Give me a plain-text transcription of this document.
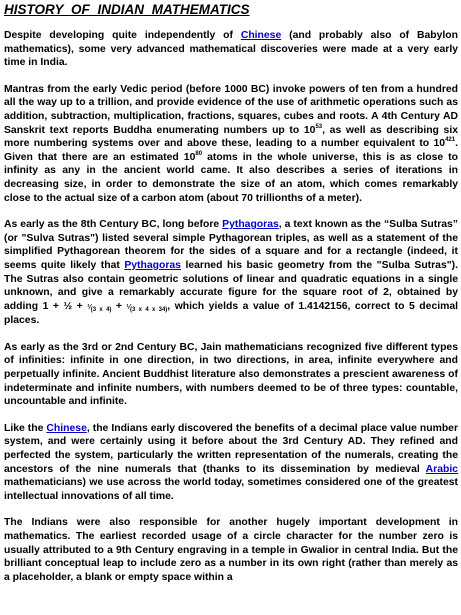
HISTORY OF INDIAN MATHEMATICS

Despite developing quite independently of Chinese (and probably also of Babylon mathematics), some very advanced mathematical discoveries were made at a very early time in India.

Mantras from the early Vedic period (before 1000 BC) invoke powers of ten from a hundred all the way up to a trillion, and provide evidence of the use of arithmetic operations such as addition, subtraction, multiplication, fractions, squares, cubes and roots. A 4th Century AD Sanskrit text reports Buddha enumerating numbers up to $10^{53}$, as well as describing six more numbering systems over and above these, leading to a number equivalent to $10^{421}$. Given that there are an estimated $10^{80}$ atoms in the whole universe, this is as close to infinity as any in the ancient world came. It also describes a series of iterations in decreasing size, in order to demonstrate the size of an atom, which comes remarkably close to the actual size of a carbon atom (about 70 trillionths of a meter).

As early as the 8th Century BC, long before Pythagoras, a text known as the “Sulba Sutras” (or "Sulva Sutras") listed several simple Pythagorean triples, as well as a statement of the simplified Pythagorean theorem for the sides of a square and for a rectangle (indeed, it seems quite likely that Pythagoras learned his basic geometry from the "Sulba Sutras"). The Sutras also contain geometric solutions of linear and quadratic equations in a single unknown, and give a remarkably accurate figure for the square root of 2, obtained by adding 1 + ½ + $^1⁄_{(3 x 4)}$ + $^1⁄_{(3 x 4 x 34)}$, which yields a value of 1.4142156, correct to 5 decimal places.

As early as the 3rd or 2nd Century BC, Jain mathematicians recognized five different types of infinities: infinite in one direction, in two directions, in area, infinite everywhere and perpetually infinite. Ancient Buddhist literature also demonstrates a prescient awareness of indeterminate and infinite numbers, with numbers deemed to be of three types: countable, uncountable and infinite.

Like the Chinese, the Indians early discovered the benefits of a decimal place value number system, and were certainly using it before about the 3rd Century AD. They refined and perfected the system, particularly the written representation of the numerals, creating the ancestors of the nine numerals that (thanks to its dissemination by medieval Arabic mathematicians) we use across the world today, sometimes considered one of the greatest intellectual innovations of all time.

The Indians were also responsible for another hugely important development in mathematics. The earliest recorded usage of a circle character for the number zero is usually attributed to a 9th Century engraving in a temple in Gwalior in central India. But the brilliant conceptual leap to include zero as a number in its own right (rather than merely as a placeholder, a blank or empty space within a
